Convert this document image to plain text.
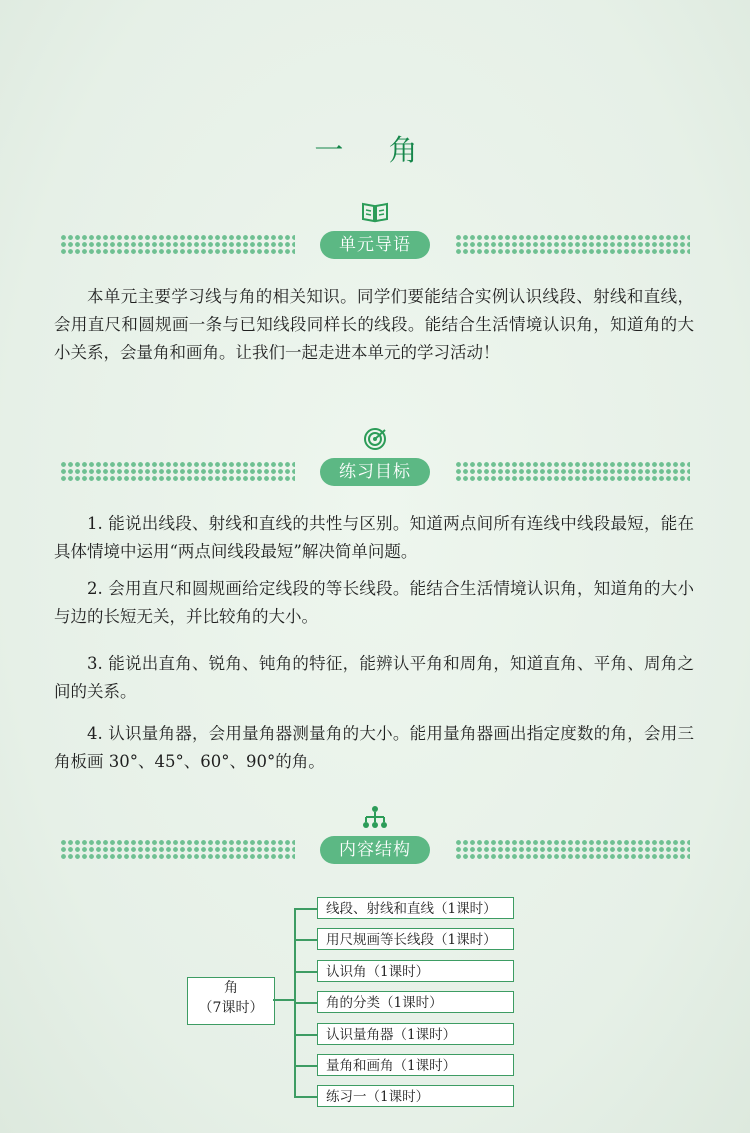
一 角
单元导语

本单元主要学习线与角的相关知识。同学们要能结合实例认识线段、射线和直线，会用直尺和圆规画一条与已知线段同样长的线段。能结合生活情境认识角，知道角的大小关系，会量角和画角。让我们一起走进本单元的学习活动！

练习目标

1. 能说出线段、射线和直线的共性与区别。知道两点间所有连线中线段最短，能在具体情境中运用“两点间线段最短”解决简单问题。

2. 会用直尺和圆规画给定线段的等长线段。能结合生活情境认识角，知道角的大小与边的长短无关，并比较角的大小。

3. 能说出直角、锐角、钝角的特征，能辨认平角和周角，知道直角、平角、周角之间的关系。

4. 认识量角器，会用量角器测量角的大小。能用量角器画出指定度数的角，会用三角板画 30°、45°、60°、90°的角。

内容结构
角
（7课时）
线段、射线和直线（1课时）
用尺规画等长线段（1课时）
认识角（1课时）
角的分类（1课时）
认识量角器（1课时）
量角和画角（1课时）
练习一（1课时）
